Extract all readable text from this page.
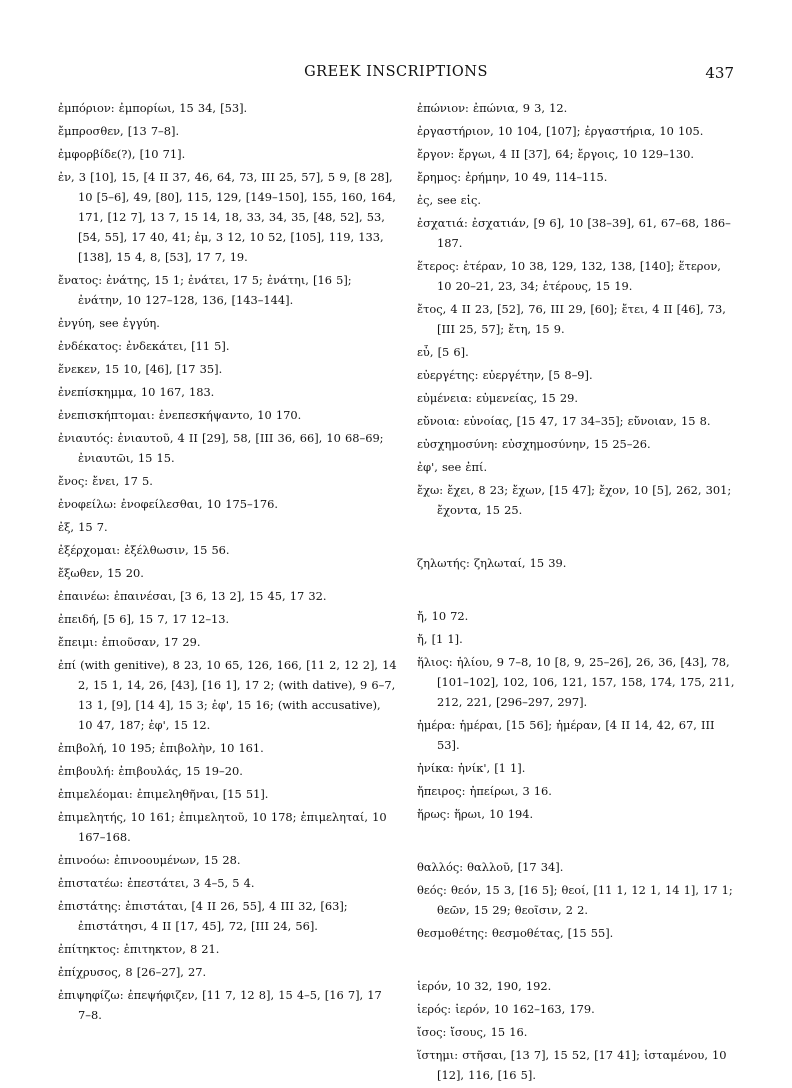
GREEK INSCRIPTIONS	437
ἐμπόριον: ἐμπορίωι, 15 34, [53].
ἔμπροσθεν, [13 7–8].
ἐμφορβίδε(?), [10 71].
ἐν, 3 [10], 15, [4 II 37, 46, 64, 73, III 25, 57], 5 9, [8 28], 10 [5–6], 49, [80], 115, 129, [149–150], 155, 160, 164, 171, [12 7], 13 7, 15 14, 18, 33, 34, 35, [48, 52], 53, [54, 55], 17 40, 41; ἐμ, 3 12, 10 52, [105], 119, 133, [138], 15 4, 8, [53], 17 7, 19.
ἔνατος: ἐνάτης, 15 1; ἐνάτει, 17 5; ἐνάτηι, [16 5]; ἐνάτην, 10 127–128, 136, [143–144].
ἐνγύη, see ἐγγύη.
ἐνδέκατος: ἐνδεκάτει, [11 5].
ἕνεκεν, 15 10, [46], [17 35].
ἐνεπίσκημμα, 10 167, 183.
ἐνεπισκήπτομαι: ἐνεπεσκήψαντο, 10 170.
ἐνιαυτός: ἐνιαυτοῦ, 4 II [29], 58, [III 36, 66], 10 68–69; ἐνιαυτῶι, 15 15.
ἔνος: ἔνει, 17 5.
ἐνοφείλω: ἐνοφείλεσθαι, 10 175–176.
ἐξ, 15 7.
ἐξέρχομαι: ἐξέλθωσιν, 15 56.
ἔξωθεν, 15 20.
ἐπαινέω: ἐπαινέσαι, [3 6, 13 2], 15 45, 17 32.
ἐπειδή, [5 6], 15 7, 17 12–13.
ἔπειμι: ἐπιοῦσαν, 17 29.
ἐπί (with genitive), 8 23, 10 65, 126, 166, [11 2, 12 2], 14 2, 15 1, 14, 26, [43], [16 1], 17 2; (with dative), 9 6–7, 13 1, [9], [14 4], 15 3; ἐφ', 15 16; (with accusative), 10 47, 187; ἐφ', 15 12.
ἐπιβολή, 10 195; ἐπιβολὴν, 10 161.
ἐπιβουλή: ἐπιβουλάς, 15 19–20.
ἐπιμελέομαι: ἐπιμεληθῆναι, [15 51].
ἐπιμελητής, 10 161; ἐπιμελητοῦ, 10 178; ἐπιμεληταί, 10 167–168.
ἐπινοόω: ἐπινοουμένων, 15 28.
ἐπιστατέω: ἐπεστάτει, 3 4–5, 5 4.
ἐπιστάτης: ἐπιστάται, [4 II 26, 55], 4 III 32, [63]; ἐπιστάτησι, 4 II [17, 45], 72, [III 24, 56].
ἐπίτηκτος: ἐπιτηκτον, 8 21.
ἐπίχρυσος, 8 [26–27], 27.
ἐπιψηφίζω: ἐπεψήφιζεν, [11 7, 12 8], 15 4–5, [16 7], 17 7–8.
ἐπώνιον: ἐπώνια, 9 3, 12.
ἐργαστήριον, 10 104, [107]; ἐργαστήρια, 10 105.
ἔργον: ἔργωι, 4 II [37], 64; ἔργοις, 10 129–130.
ἔρημος: ἐρήμην, 10 49, 114–115.
ἐς, see εἰς.
ἐσχατιά: ἐσχατιάν, [9 6], 10 [38–39], 61, 67–68, 186–187.
ἕτερος: ἑτέραν, 10 38, 129, 132, 138, [140]; ἕτερον, 10 20–21, 23, 34; ἑτέρους, 15 19.
ἔτος, 4 II 23, [52], 76, III 29, [60]; ἔτει, 4 II [46], 73, [III 25, 57]; ἔτη, 15 9.
εὖ, [5 6].
εὐεργέτης: εὐεργέτην, [5 8–9].
εὐμένεια: εὐμενείας, 15 29.
εὔνοια: εὐνοίας, [15 47, 17 34–35]; εὔνοιαν, 15 8.
εὐσχημοσύνη: εὐσχημοσύνην, 15 25–26.
ἐφ', see ἐπί.
ἔχω: ἔχει, 8 23; ἔχων, [15 47]; ἔχον, 10 [5], 262, 301; ἔχοντα, 15 25.
ζηλωτής: ζηλωταί, 15 39.
ἤ, 10 72.
ἤ, [1 1].
ἥλιος: ἡλίου, 9 7–8, 10 [8, 9, 25–26], 26, 36, [43], 78, [101–102], 102, 106, 121, 157, 158, 174, 175, 211, 212, 221, [296–297, 297].
ἡμέρα: ἡμέραι, [15 56]; ἡμέραν, [4 II 14, 42, 67, III 53].
ἡνίκα: ἡνίκ', [1 1].
ἤπειρος: ἠπείρωι, 3 16.
ἥρως: ἥρωι, 10 194.
θαλλός: θαλλοῦ, [17 34].
θεός: θεόν, 15 3, [16 5]; θεοί, [11 1, 12 1, 14 1], 17 1; θεῶν, 15 29; θεοῖσιν, 2 2.
θεσμοθέτης: θεσμοθέτας, [15 55].
ἱερόν, 10 32, 190, 192.
ἱερός: ἱερόν, 10 162–163, 179.
ἴσος: ἴσους, 15 16.
ἵστημι: στῆσαι, [13 7], 15 52, [17 41]; ἱσταμένου, 10 [12], 116, [16 5].
